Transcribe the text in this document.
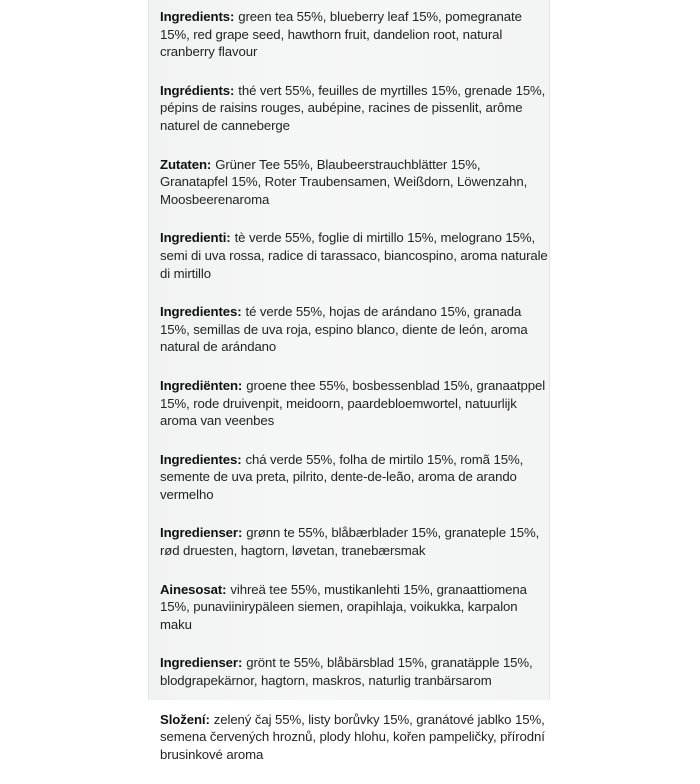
Ingredients: green tea 55%, blueberry leaf 15%, pomegranate 15%, red grape seed, hawthorn fruit, dandelion root, natural cranberry flavour

Ingrédients: thé vert 55%, feuilles de myrtilles 15%, grenade 15%, pépins de raisins rouges, aubépine, racines de pissenlit, arôme naturel de canneberge

Zutaten: Grüner Tee 55%, Blaubeerstrauchblätter 15%, Granatapfel 15%, Roter Traubensamen, Weißdorn, Löwenzahn, Moosbeerenaroma

Ingredienti: tè verde 55%, foglie di mirtillo 15%, melograno 15%, semi di uva rossa, radice di tarassaco, biancospino, aroma naturale di mirtillo

Ingredientes: té verde 55%, hojas de arándano 15%, granada 15%, semillas de uva roja, espino blanco, diente de león, aroma natural de arándano

Ingrediënten: groene thee 55%, bosbessenblad 15%, granaatppel 15%, rode druivenpit, meidoorn, paardebloemwortel, natuurlijk aroma van veenbes

Ingredientes: chá verde 55%, folha de mirtilo 15%, romã 15%, semente de uva preta, pilrito, dente-de-leão, aroma de arando vermelho

Ingredienser: grønn te 55%, blåbærblader 15%, granateple 15%, rød druesten, hagtorn, løvetan, tranebærsmak

Ainesosat: vihreä tee 55%, mustikanlehti 15%, granaattiomena 15%, punaviinirypäleen siemen, orapihlaja, voikukka, karpalon maku

Ingredienser: grönt te 55%, blåbärsblad 15%, granatäpple 15%, blodgrapekärnor, hagtorn, maskros, naturlig tranbärsarom

Složení: zelený čaj 55%, listy borůvky 15%, granátové jablko 15%, semena červených hroznů, plody hlohu, kořen pampeličky, přírodní brusinkové aroma
